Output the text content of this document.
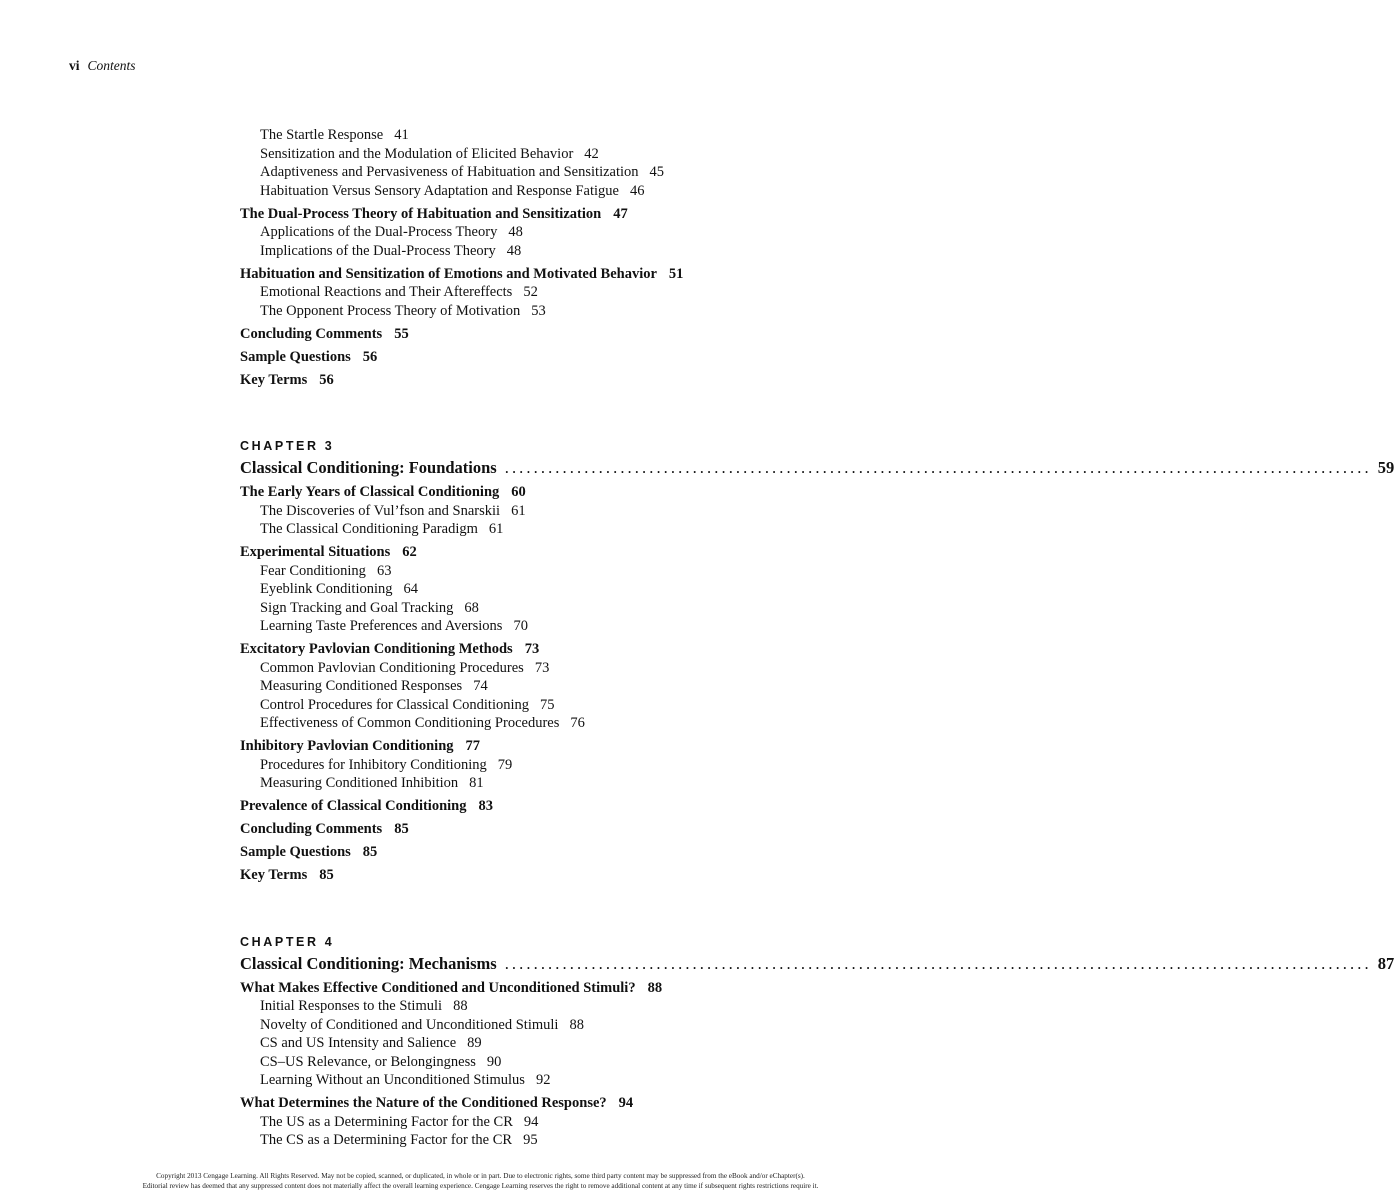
vi Contents
The Startle Response 41
Sensitization and the Modulation of Elicited Behavior 42
Adaptiveness and Pervasiveness of Habituation and Sensitization 45
Habituation Versus Sensory Adaptation and Response Fatigue 46
The Dual-Process Theory of Habituation and Sensitization 47
Applications of the Dual-Process Theory 48
Implications of the Dual-Process Theory 48
Habituation and Sensitization of Emotions and Motivated Behavior 51
Emotional Reactions and Their Aftereffects 52
The Opponent Process Theory of Motivation 53
Concluding Comments 55
Sample Questions 56
Key Terms 56
CHAPTER 3
Classical Conditioning: Foundations ........................................................................................................................ 59
The Early Years of Classical Conditioning 60
The Discoveries of Vul’fson and Snarskii 61
The Classical Conditioning Paradigm 61
Experimental Situations 62
Fear Conditioning 63
Eyeblink Conditioning 64
Sign Tracking and Goal Tracking 68
Learning Taste Preferences and Aversions 70
Excitatory Pavlovian Conditioning Methods 73
Common Pavlovian Conditioning Procedures 73
Measuring Conditioned Responses 74
Control Procedures for Classical Conditioning 75
Effectiveness of Common Conditioning Procedures 76
Inhibitory Pavlovian Conditioning 77
Procedures for Inhibitory Conditioning 79
Measuring Conditioned Inhibition 81
Prevalence of Classical Conditioning 83
Concluding Comments 85
Sample Questions 85
Key Terms 85
CHAPTER 4
Classical Conditioning: Mechanisms ........................................................................................................................ 87
What Makes Effective Conditioned and Unconditioned Stimuli? 88
Initial Responses to the Stimuli 88
Novelty of Conditioned and Unconditioned Stimuli 88
CS and US Intensity and Salience 89
CS–US Relevance, or Belongingness 90
Learning Without an Unconditioned Stimulus 92
What Determines the Nature of the Conditioned Response? 94
The US as a Determining Factor for the CR 94
The CS as a Determining Factor for the CR 95
Copyright 2013 Cengage Learning. All Rights Reserved. May not be copied, scanned, or duplicated, in whole or in part. Due to electronic rights, some third party content may be suppressed from the eBook and/or eChapter(s).
Editorial review has deemed that any suppressed content does not materially affect the overall learning experience. Cengage Learning reserves the right to remove additional content at any time if subsequent rights restrictions require it.
